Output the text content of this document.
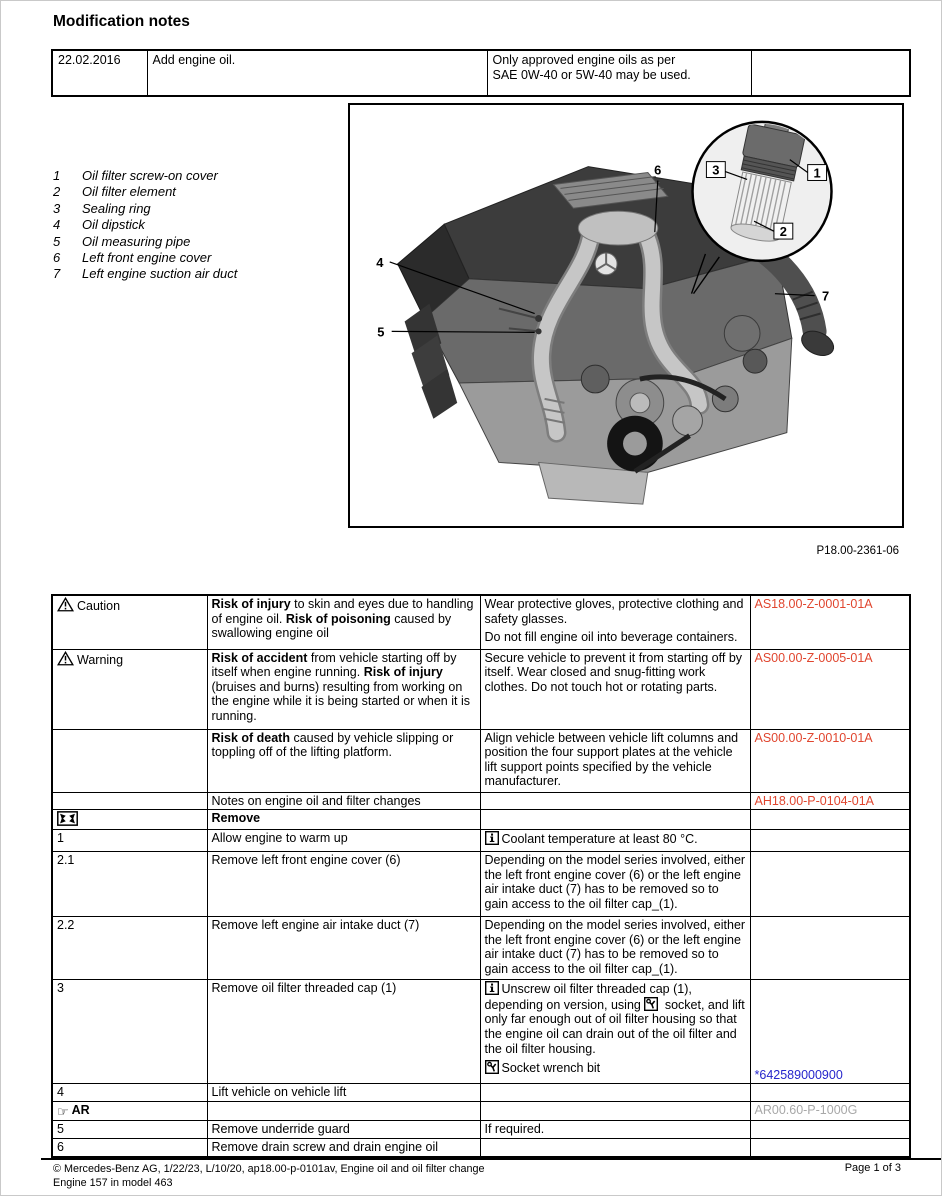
Modification notes
22.02.2016	Add engine oil.	Only approved engine oils as per
SAE 0W-40 or 5W-40 may be used.

1	Oil filter screw-on cover
2	Oil filter element
3	Sealing ring
4	Oil dipstick
5	Oil measuring pipe
6	Left front engine cover
7	Left engine suction air duct
3	1
2
6
4
5
7
P18.00-2361-06
Caution	Risk of injury to skin and eyes due to handling of engine oil. Risk of poisoning caused by swallowing engine oil	Wear protective gloves, protective clothing and safety glasses.
Do not fill engine oil into beverage containers.	AS18.00-Z-0001-01A

Warning	Risk of accident from vehicle starting off by itself when engine running. Risk of injury (bruises and burns) resulting from working on the engine while it is being started or when it is running.	Secure vehicle to prevent it from starting off by itself. Wear closed and snug-fitting work clothes. Do not touch hot or rotating parts.	AS00.00-Z-0005-01A

	Risk of death caused by vehicle slipping or toppling off of the lifting platform.	Align vehicle between vehicle lift columns and position the four support plates at the vehicle lift support points specified by the vehicle manufacturer.	AS00.00-Z-0010-01A

	Notes on engine oil and filter changes		AH18.00-P-0104-01A

Remove		

1	Allow engine to warm up	Coolant temperature at least 80 °C.	

2.1	Remove left front engine cover (6)	Depending on the model series involved, either the left front engine cover (6) or the left engine air intake duct (7) has to be removed so to gain access to the oil filter cap_(1).	

2.2	Remove left engine air intake duct (7)	Depending on the model series involved, either the left front engine cover (6) or the left engine air intake duct (7) has to be removed so to gain access to the oil filter cap_(1).	

3	Remove oil filter threaded cap (1)	Unscrew oil filter threaded cap (1), depending on version, using
socket, and lift only far enough out of oil filter housing so that the engine oil can drain out of the oil filter and the oil filter housing.
Socket wrench bit	*642589000900
4	Lift vehicle on vehicle lift		

☞ AR			AR00.60-P-1000G
5	Remove underride guard	If required.	

6	Remove drain screw and drain engine oil		

© Mercedes-Benz AG, 1/22/23, L/10/20, ap18.00-p-0101av, Engine oil and oil filter change
Engine 157 in model 463
Page 1 of 3
